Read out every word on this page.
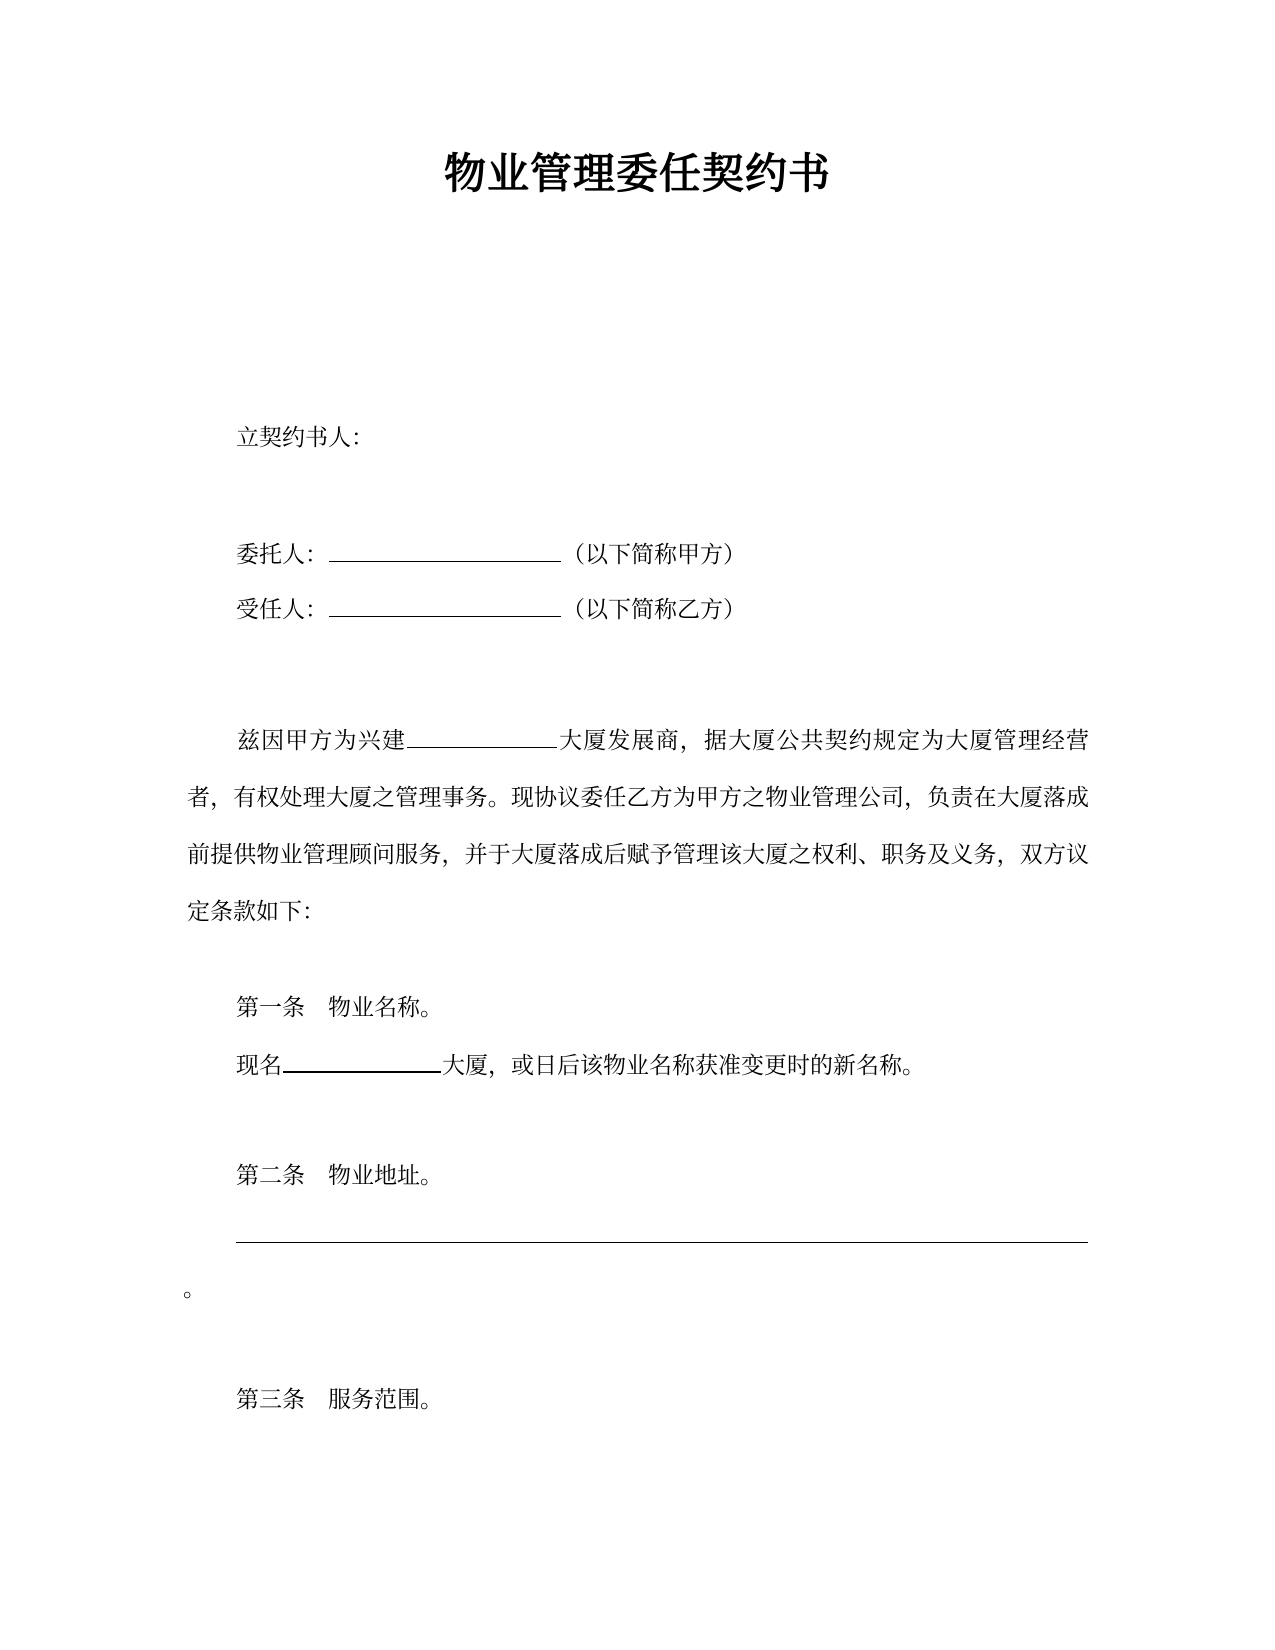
物业管理委任契约书
立契约书人：
委托人：	（以下简称甲方）
受任人：	（以下简称乙方）
兹因甲方为兴建	大厦发展商，据大厦公共契约规定为大厦管理经营者，有权处理大厦之管理事务。现协议委任乙方为甲方之物业管理公司，负责在大厦落成前提供物业管理顾问服务，并于大厦落成后赋予管理该大厦之权利、职务及义务，双方议定条款如下：
第一条　物业名称。
现名	大厦，或日后该物业名称获准变更时的新名称。
第二条　物业地址。
。
第三条　服务范围。
